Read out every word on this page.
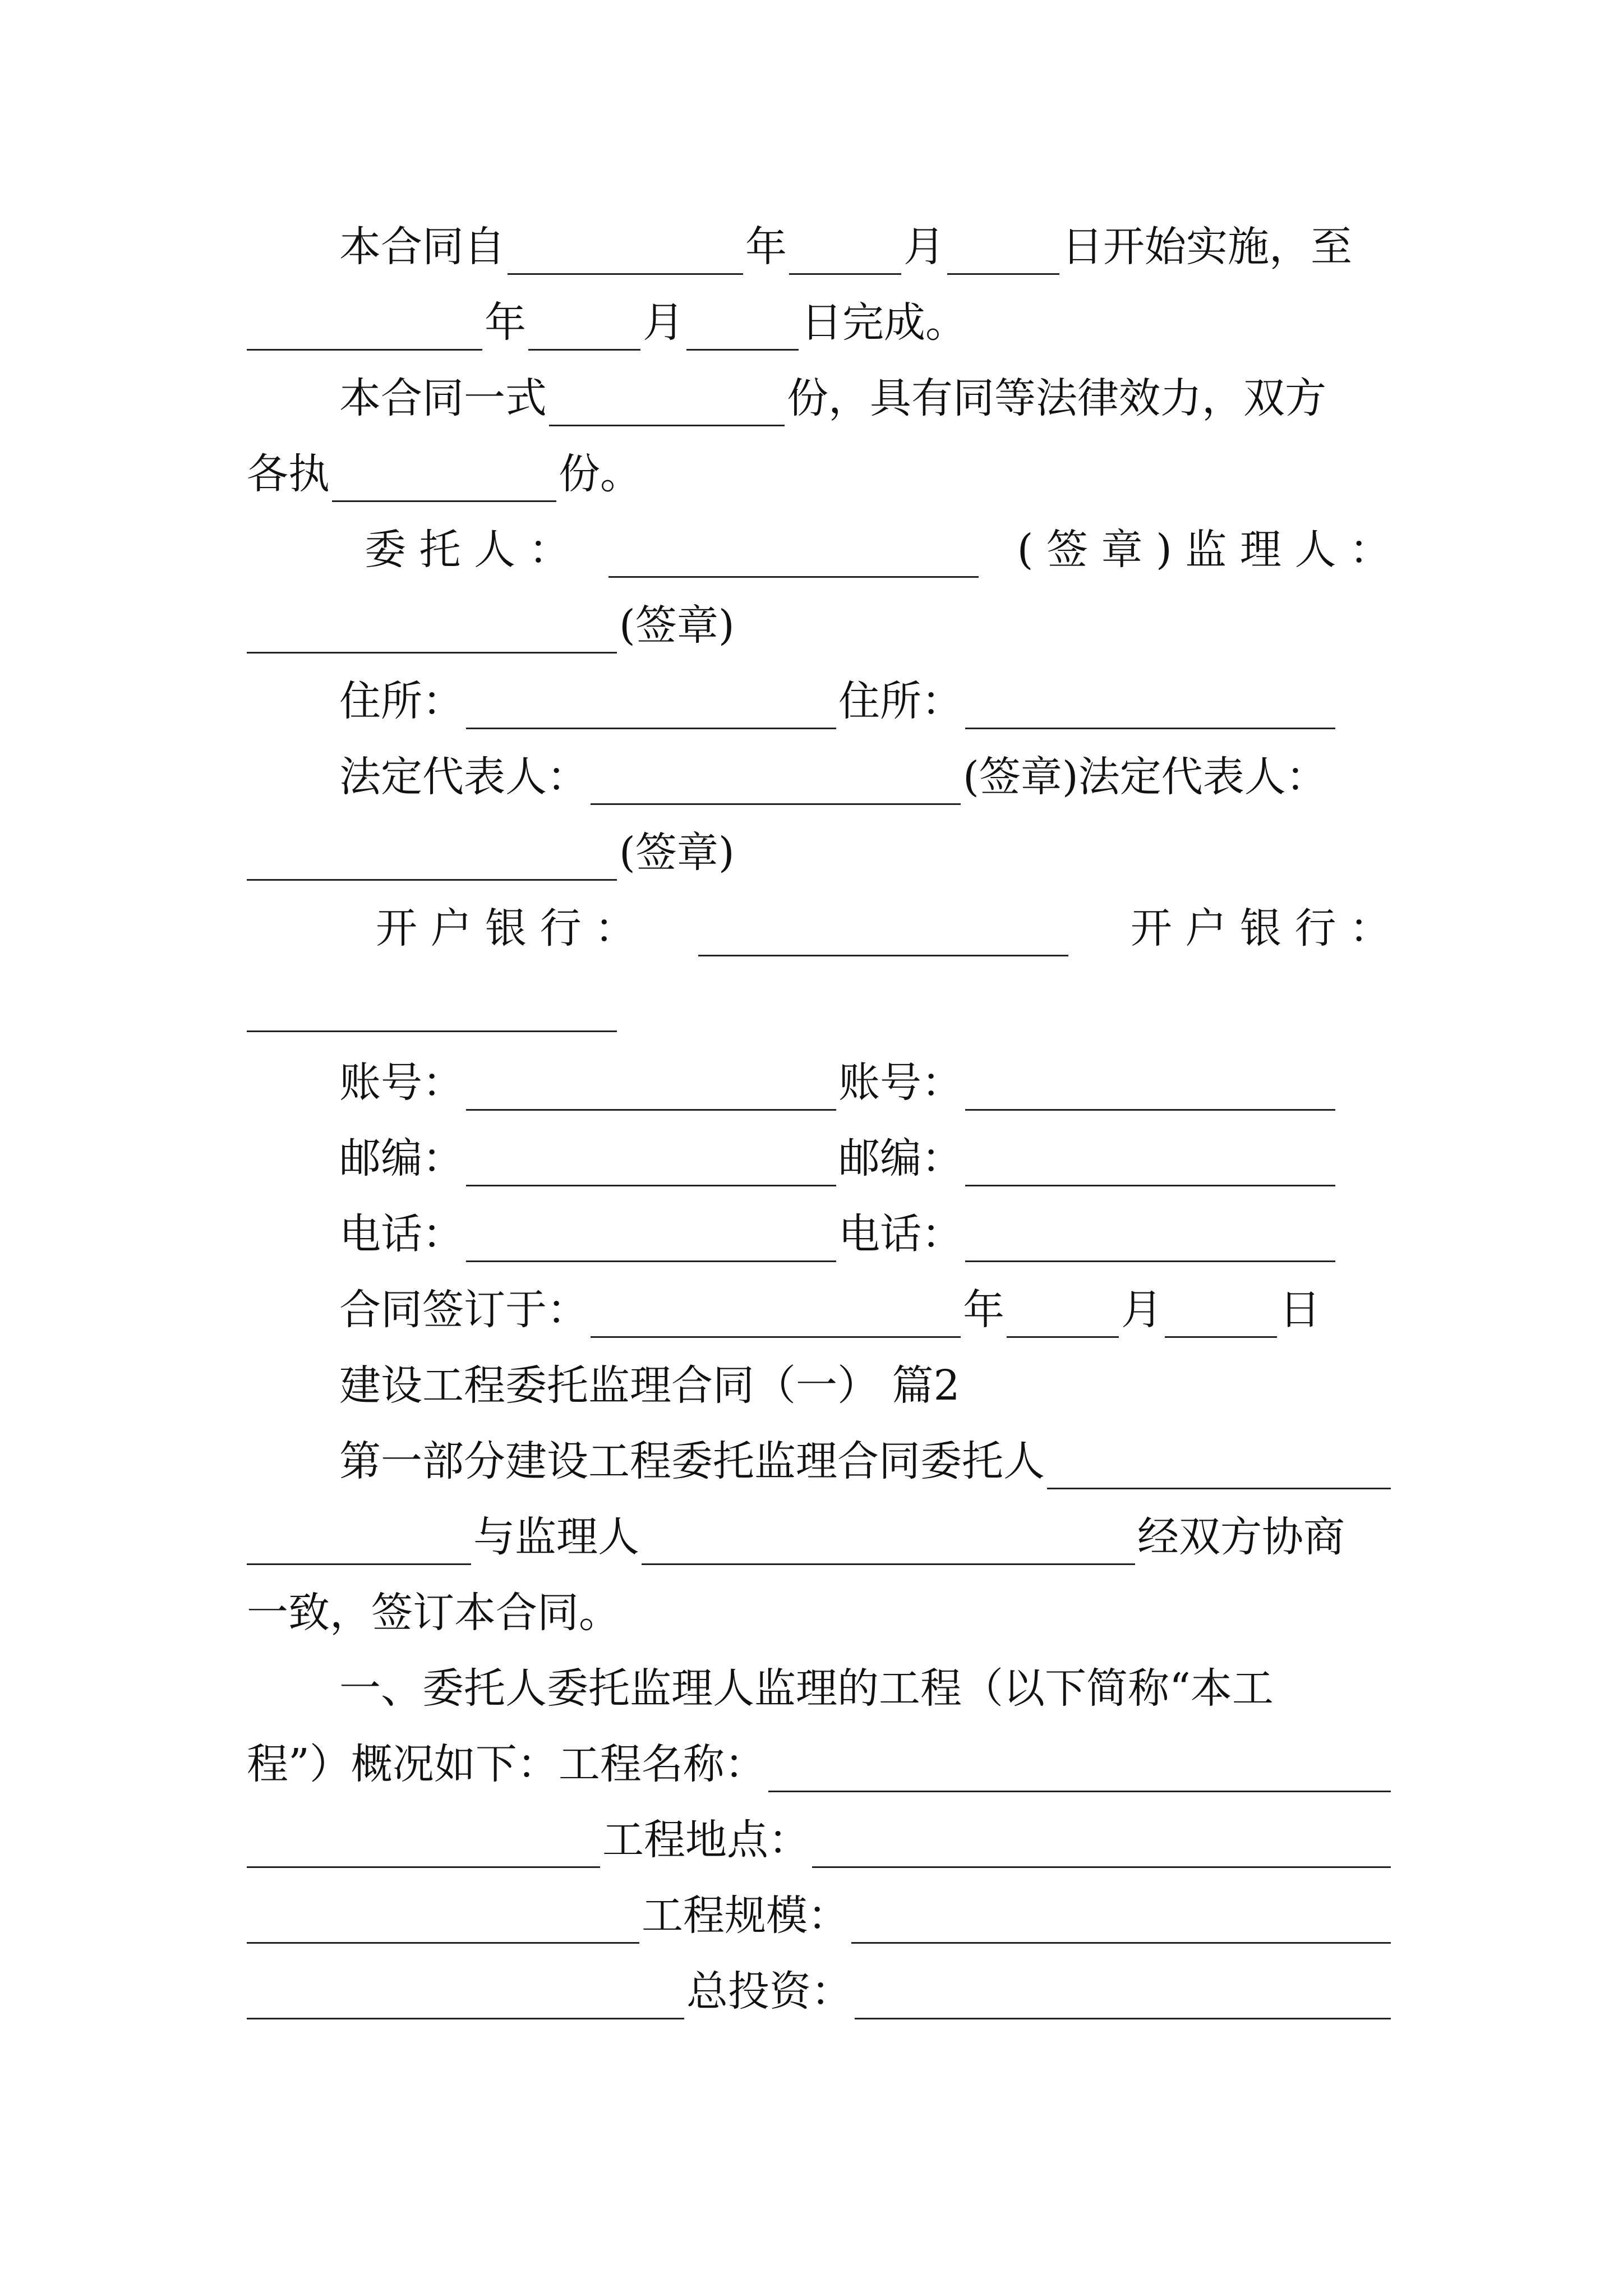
本合同自	年	月	日开始实施，至
年	月	日完成。
本合同一式	份，具有同等法律效力，双方
各执	份。
委 托 人 ：	( 签 章 ) 监 理 人 ：
(签章)
住所：	住所：
法定代表人：	(签章)法定代表人：
(签章)
开 户 银 行 ：	开 户 银 行 ：
账号：	账号：
邮编：	邮编：
电话：	电话：
合同签订于：	年	月	日
建设工程委托监理合同（一） 篇2
第一部分建设工程委托监理合同委托人
与监理人	经双方协商
一致，签订本合同。
一、委托人委托监理人监理的工程（以下简称“本工
程”）概况如下：工程名称：
工程地点：
工程规模：
总投资：
